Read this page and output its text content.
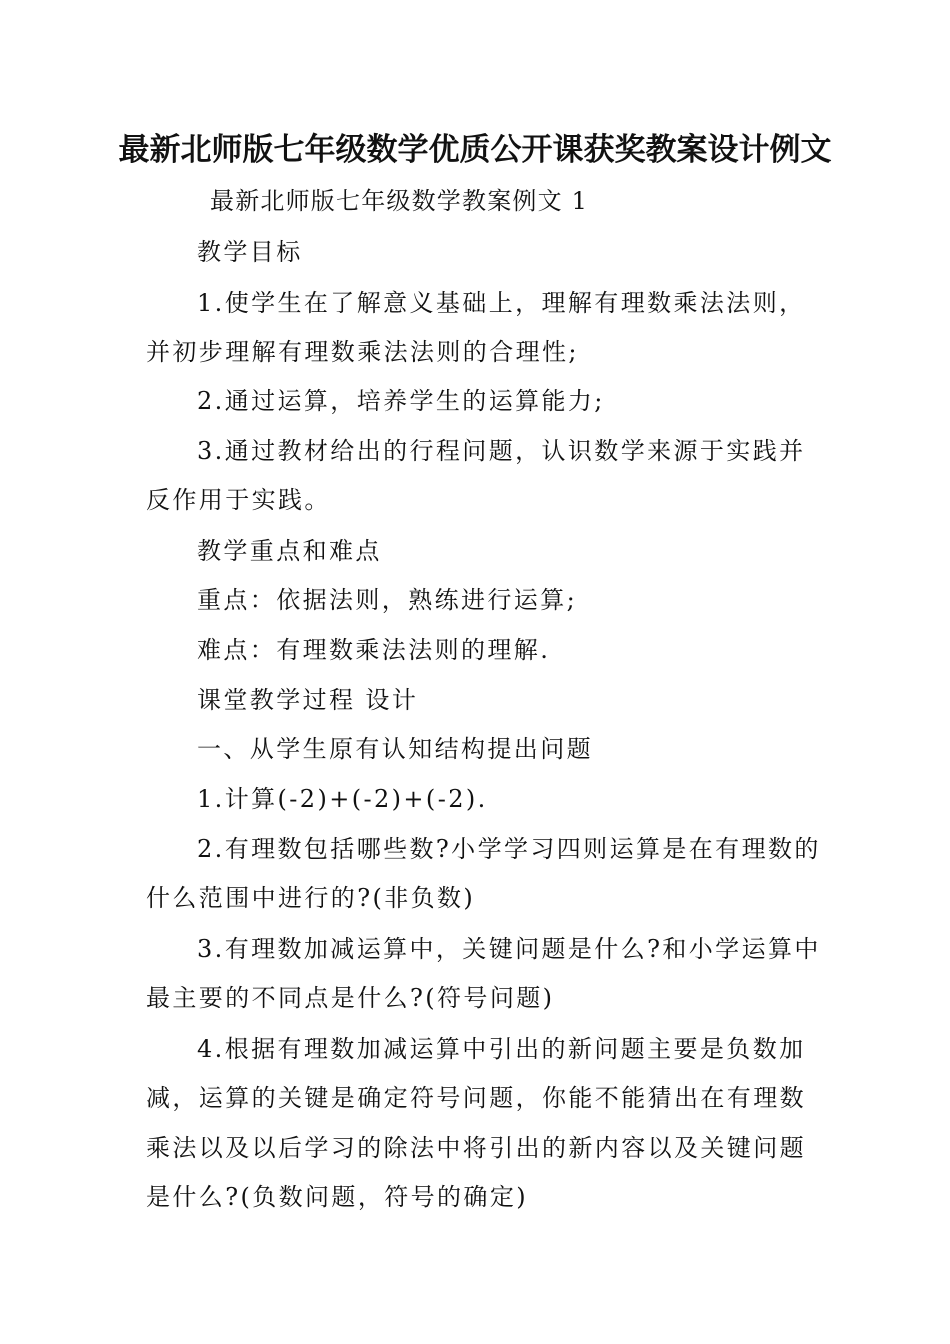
最新北师版七年级数学优质公开课获奖教案设计例文
最新北师版七年级数学教案例文 1
教学目标
1.使学生在了解意义基础上，理解有理数乘法法则，
并初步理解有理数乘法法则的合理性;
2.通过运算，培养学生的运算能力;
3.通过教材给出的行程问题，认识数学来源于实践并
反作用于实践。
教学重点和难点
重点：依据法则，熟练进行运算;
难点：有理数乘法法则的理解.
课堂教学过程 设计
一、从学生原有认知结构提出问题
1.计算(-2)+(-2)+(-2).
2.有理数包括哪些数?小学学习四则运算是在有理数的
什么范围中进行的?(非负数)
3.有理数加减运算中，关键问题是什么?和小学运算中
最主要的不同点是什么?(符号问题)
4.根据有理数加减运算中引出的新问题主要是负数加
减，运算的关键是确定符号问题，你能不能猜出在有理数
乘法以及以后学习的除法中将引出的新内容以及关键问题
是什么?(负数问题，符号的确定)
